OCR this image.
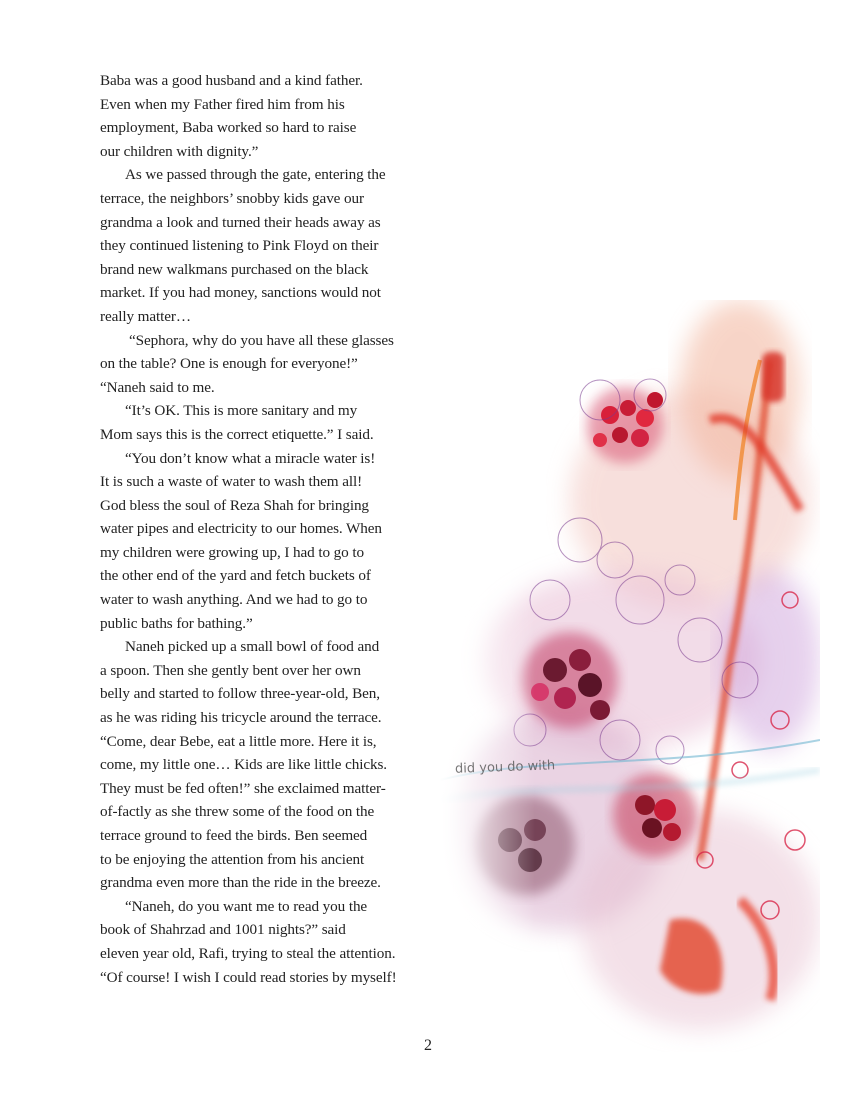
Baba was a good husband and a kind father.
Even when my Father fired him from his
employment, Baba worked so hard to raise
our children with dignity.”
As we passed through the gate, entering the
terrace, the neighbors’ snobby kids gave our
grandma a look and turned their heads away as
they continued listening to Pink Floyd on their
brand new walkmans purchased on the black
market. If you had money, sanctions would not
really matter…
“Sephora, why do you have all these glasses
on the table? One is enough for everyone!”
“Naneh said to me.
“It’s OK. This is more sanitary and my
Mom says this is the correct etiquette.” I said.
“You don’t know what a miracle water is!
It is such a waste of water to wash them all!
God bless the soul of Reza Shah for bringing
water pipes and electricity to our homes. When
my children were growing up, I had to go to
the other end of the yard and fetch buckets of
water to wash anything. And we had to go to
public baths for bathing.”
Naneh picked up a small bowl of food and
a spoon. Then she gently bent over her own
belly and started to follow three-year-old, Ben,
as he was riding his tricycle around the terrace.
“Come, dear Bebe, eat a little more. Here it is,
come, my little one… Kids are like little chicks.
They must be fed often!” she exclaimed matter-
of-factly as she threw some of the food on the
terrace ground to feed the birds. Ben seemed
to be enjoying the attention from his ancient
grandma even more than the ride in the breeze.
“Naneh, do you want me to read you the
book of Shahrzad and 1001 nights?” said
eleven year old, Rafi, trying to steal the attention.
“Of course! I wish I could read stories by myself!
did you do with
2
